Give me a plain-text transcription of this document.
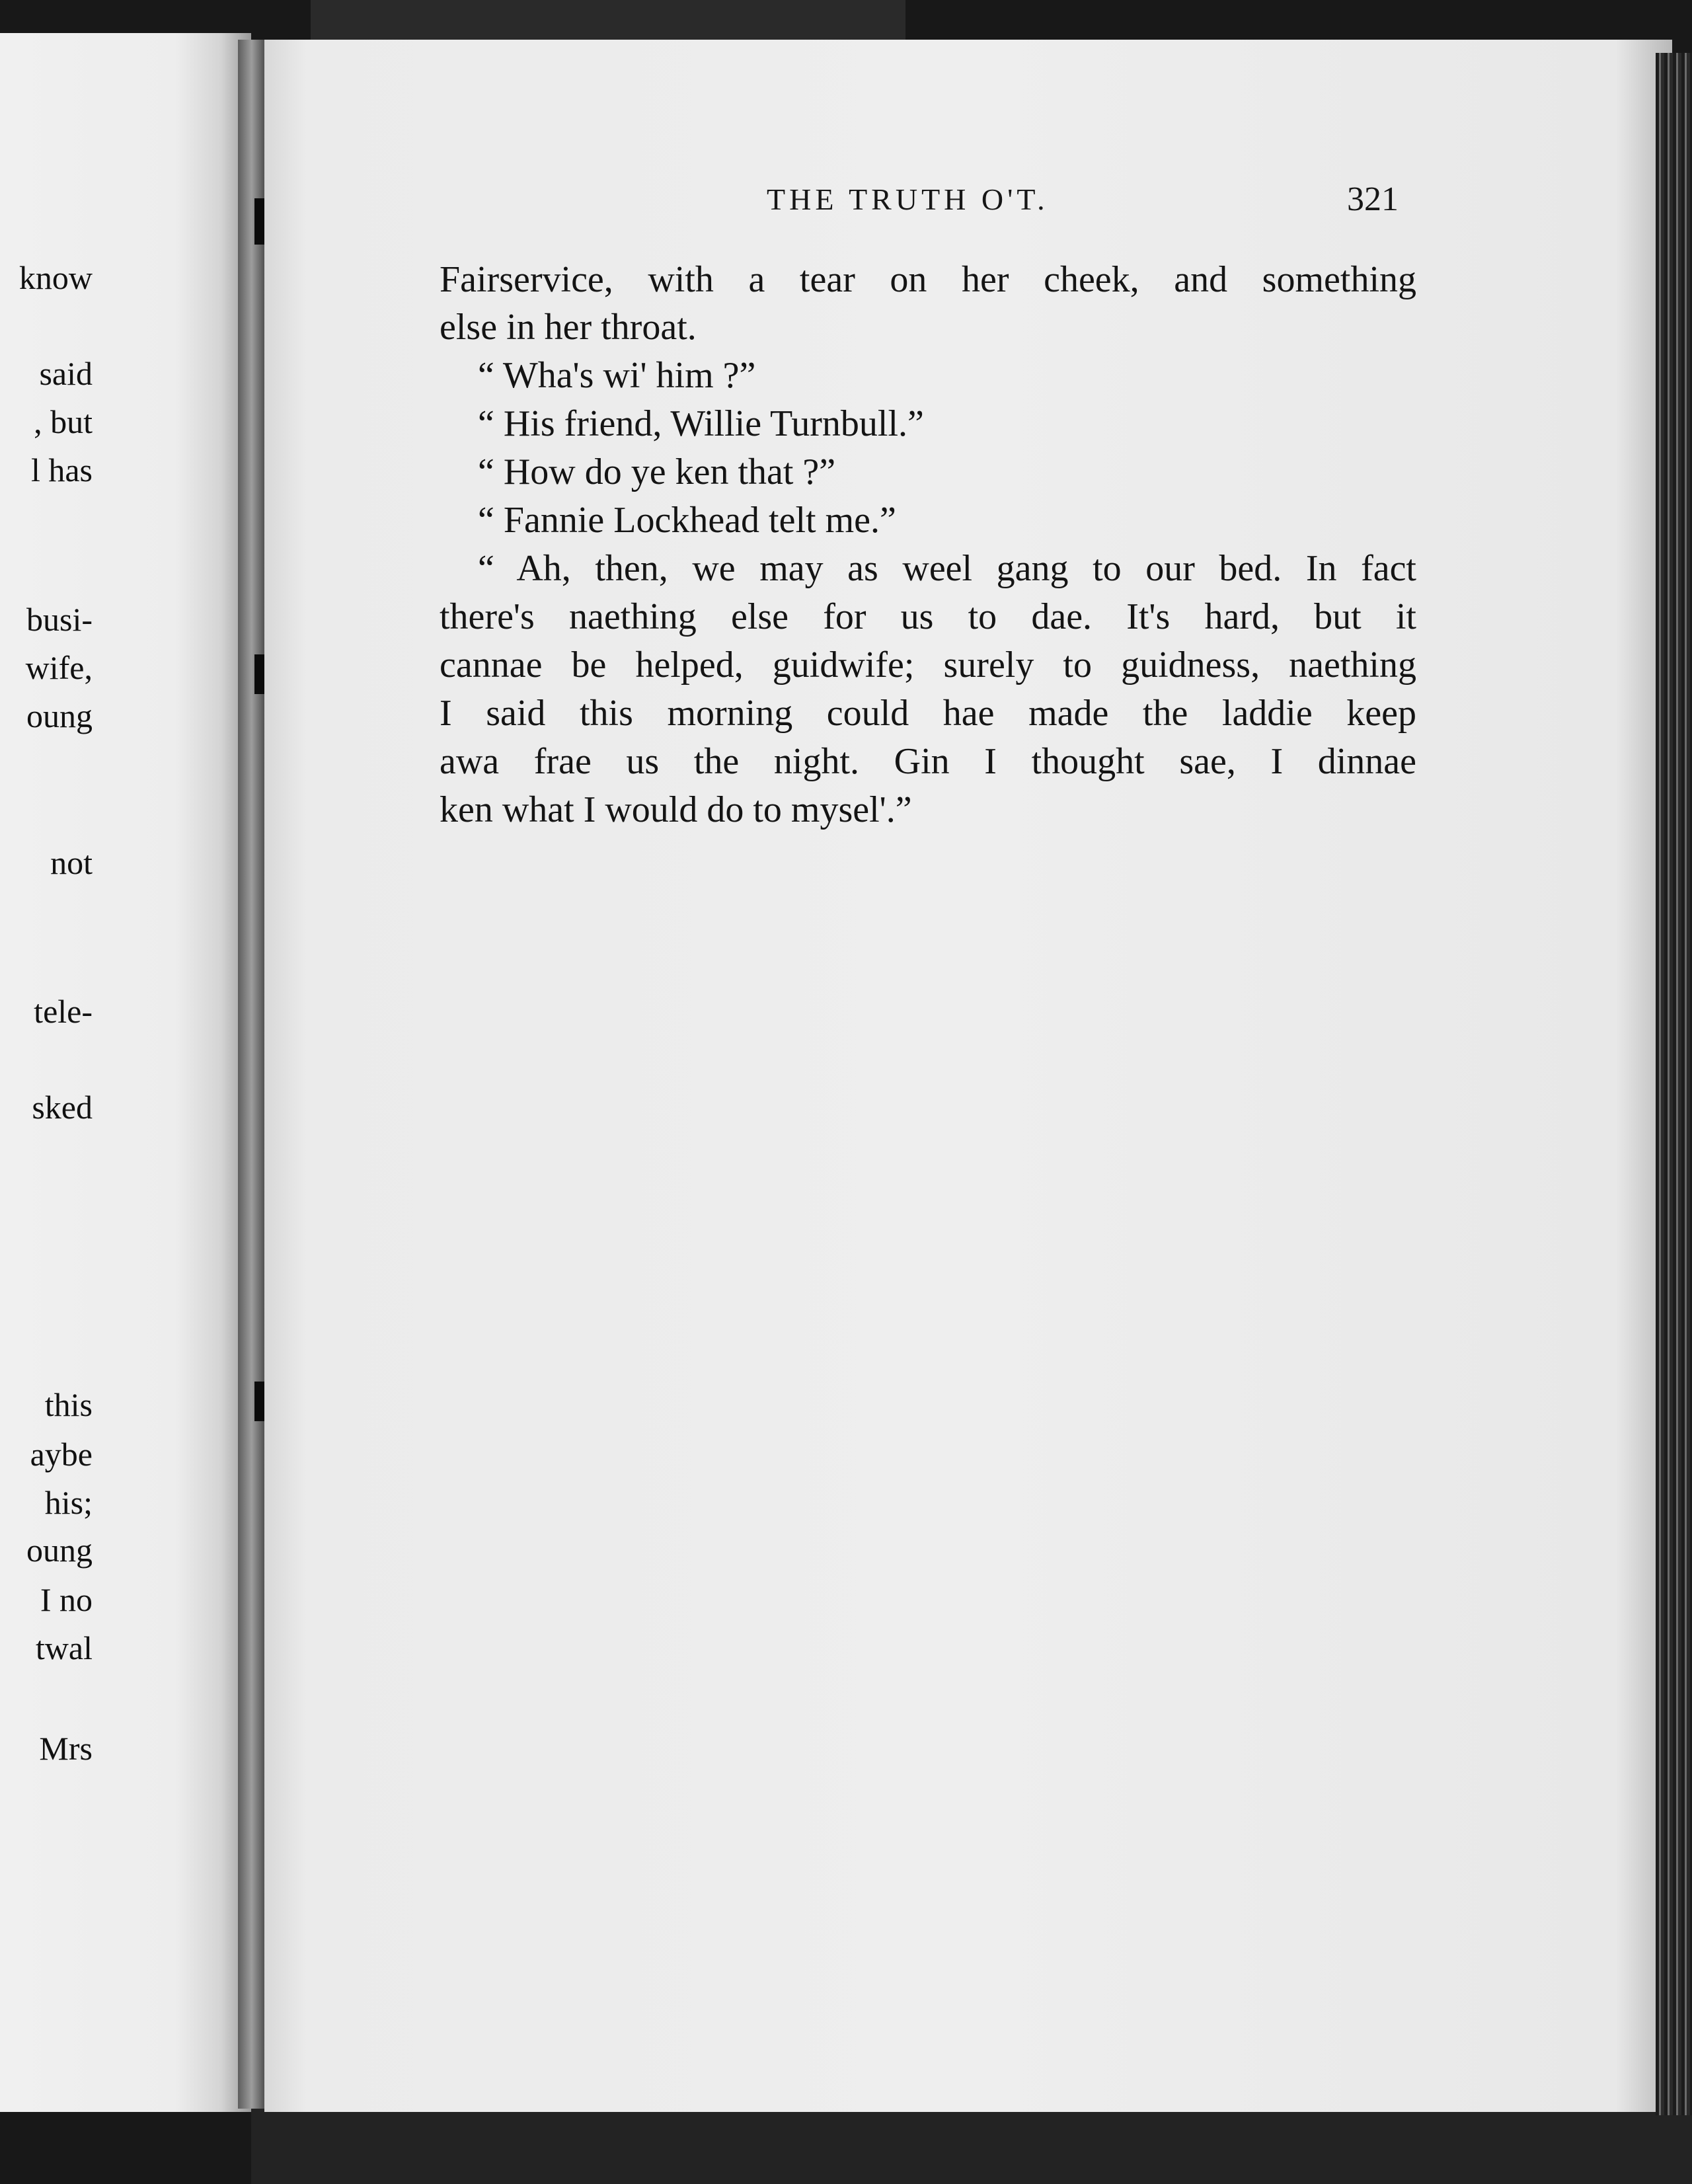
know
said
, but
l has
busi-
wife,
oung
not
tele-
sked
this
aybe
his;
oung
I no
twal
Mrs
THE TRUTH O'T.	321
Fairservice, with a tear on her cheek, and something
else in her throat.
“ Wha's wi' him ?”
“ His friend, Willie Turnbull.”
“ How do ye ken that ?”
“ Fannie Lockhead telt me.”
“ Ah, then, we may as weel gang to our bed. In fact
there's naething else for us to dae. It's hard, but it
cannae be helped, guidwife; surely to guidness, naething
I said this morning could hae made the laddie keep
awa frae us the night. Gin I thought sae, I dinnae
ken what I would do to mysel'.”
